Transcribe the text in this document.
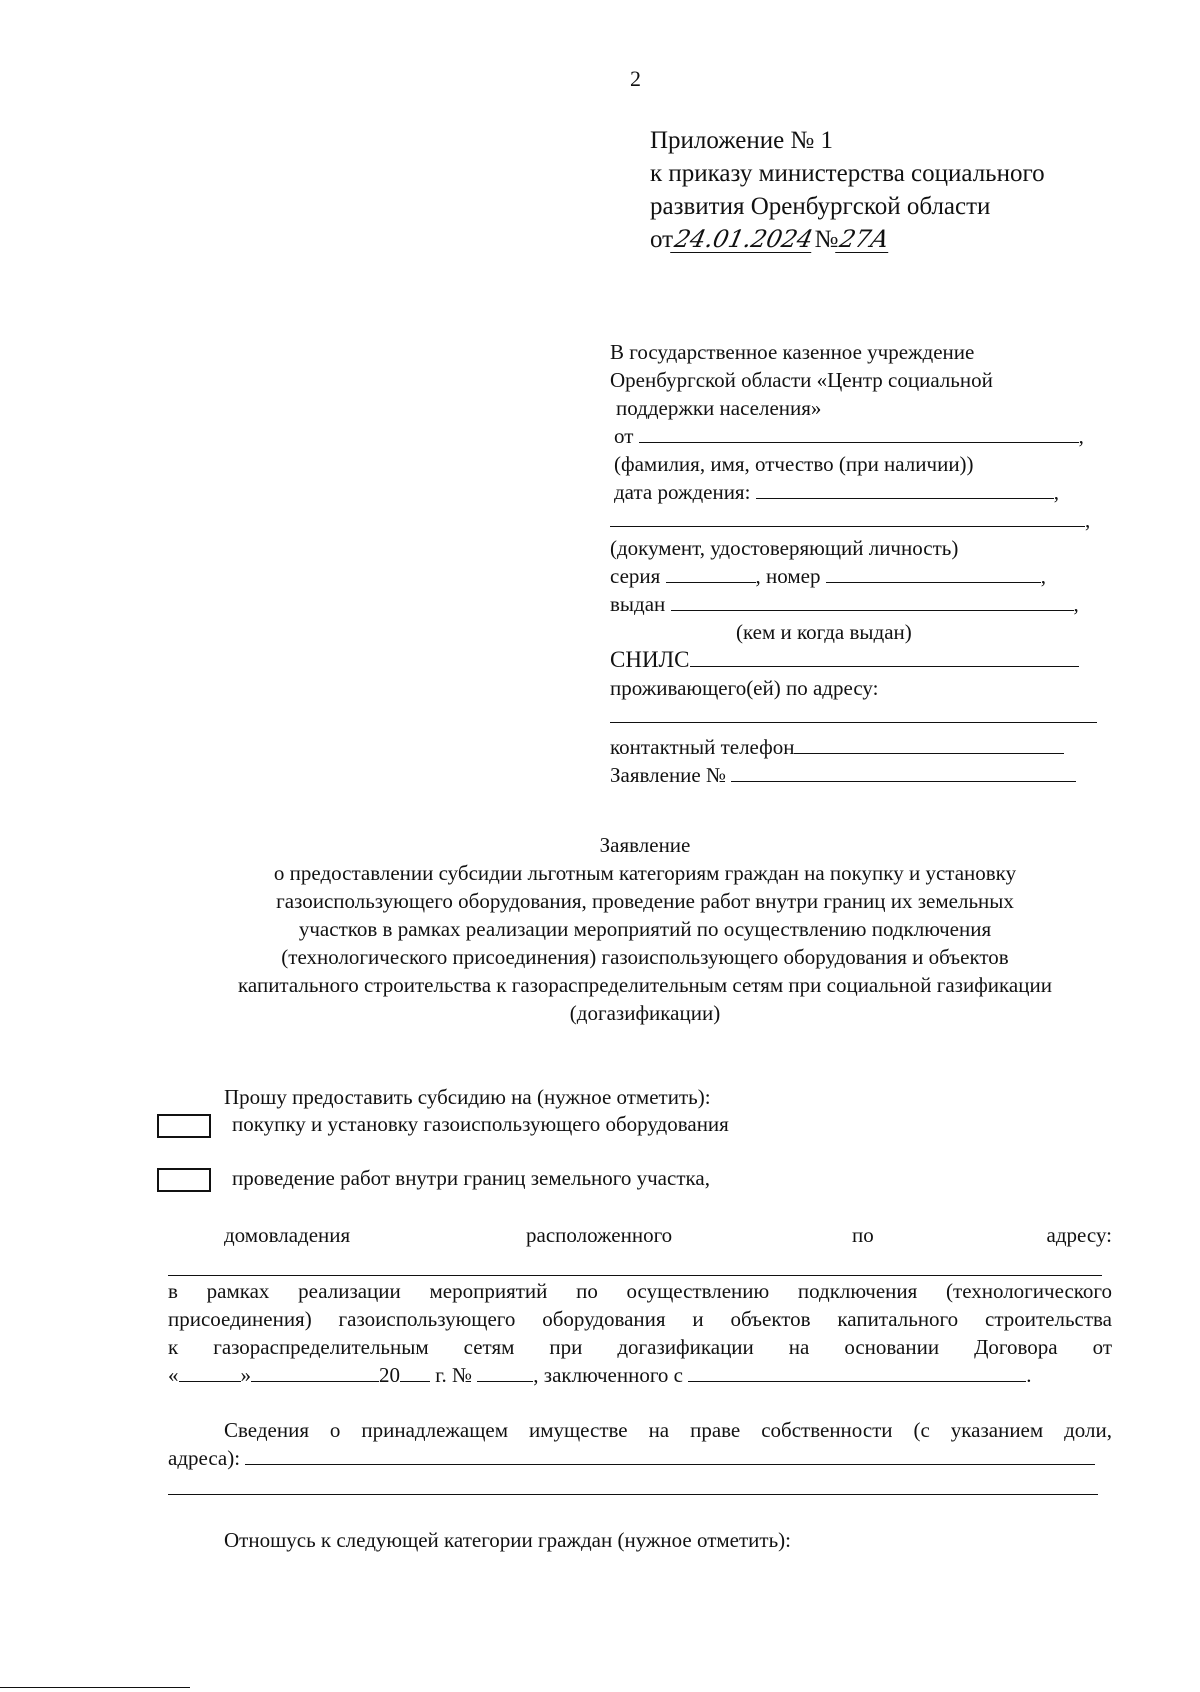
2
Приложение № 1
к приказу министерства социального
развития Оренбургской области
от24.01.2024№27А
В государственное казенное учреждение
Оренбургской области «Центр социальной
поддержки населения»
от	,
(фамилия, имя, отчество (при наличии))
дата рождения:	,
,
(документ, удостоверяющий личность)
серия	, номер	,
выдан	,
(кем и когда выдан)
СНИЛС
проживающего(ей) по адресу:
контактный телефон
Заявление №
Заявление
о предоставлении субсидии льготным категориям граждан на покупку и установку
газоиспользующего оборудования, проведение работ внутри границ их земельных
участков в рамках реализации мероприятий по осуществлению подключения
(технологического присоединения) газоиспользующего оборудования и объектов
капитального строительства к газораспределительным сетям при социальной газификации
(догазификации)
Прошу предоставить субсидию на (нужное отметить):
покупку и установку газоиспользующего оборудования
проведение работ внутри границ земельного участка,
домовладения	расположенного	по	адресу:
в рамках реализации мероприятий по осуществлению подключения (технологического
присоединения) газоиспользующего оборудования и объектов капитального строительства
к газораспределительным сетям при догазификации на основании Договора от
«	»	20 г. №	, заключенного с	.
Сведения о принадлежащем имуществе на праве собственности (с указанием доли,
адреса):
Отношусь к следующей категории граждан (нужное отметить):
